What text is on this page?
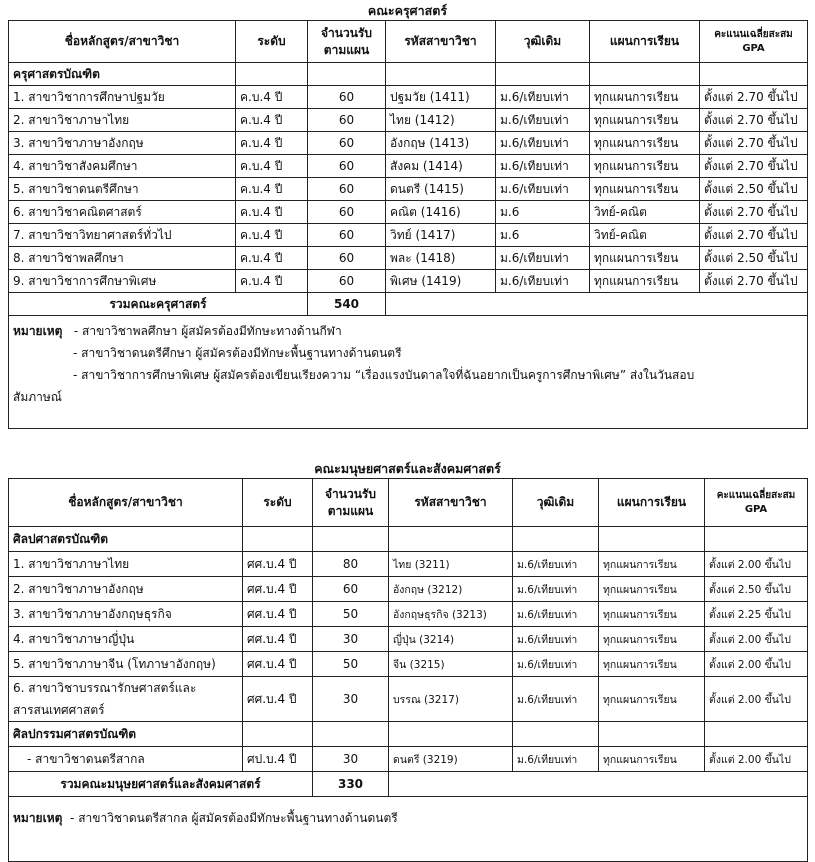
คณะครุศาสตร์
ชื่อหลักสูตร/สาขาวิชา	ระดับ	จำนวนรับตามแผน	รหัสสาขาวิชา	วุฒิเดิม	แผนการเรียน	คะแนนเฉลี่ยสะสม GPA
ครุศาสตรบัณฑิต						
1. สาขาวิชาการศึกษาปฐมวัย	ค.บ.4 ปี	60	ปฐมวัย (1411)	ม.6/เทียบเท่า	ทุกแผนการเรียน	ตั้งแต่ 2.70 ขึ้นไป
2. สาขาวิชาภาษาไทย	ค.บ.4 ปี	60	ไทย (1412)	ม.6/เทียบเท่า	ทุกแผนการเรียน	ตั้งแต่ 2.70 ขึ้นไป
3. สาขาวิชาภาษาอังกฤษ	ค.บ.4 ปี	60	อังกฤษ (1413)	ม.6/เทียบเท่า	ทุกแผนการเรียน	ตั้งแต่ 2.70 ขึ้นไป
4. สาขาวิชาสังคมศึกษา	ค.บ.4 ปี	60	สังคม (1414)	ม.6/เทียบเท่า	ทุกแผนการเรียน	ตั้งแต่ 2.70 ขึ้นไป
5. สาขาวิชาดนตรีศึกษา	ค.บ.4 ปี	60	ดนตรี (1415)	ม.6/เทียบเท่า	ทุกแผนการเรียน	ตั้งแต่ 2.50 ขึ้นไป
6. สาขาวิชาคณิตศาสตร์	ค.บ.4 ปี	60	คณิต (1416)	ม.6	วิทย์-คณิต	ตั้งแต่ 2.70 ขึ้นไป
7. สาขาวิชาวิทยาศาสตร์ทั่วไป	ค.บ.4 ปี	60	วิทย์ (1417)	ม.6	วิทย์-คณิต	ตั้งแต่ 2.70 ขึ้นไป
8. สาขาวิชาพลศึกษา	ค.บ.4 ปี	60	พละ (1418)	ม.6/เทียบเท่า	ทุกแผนการเรียน	ตั้งแต่ 2.50 ขึ้นไป
9. สาขาวิชาการศึกษาพิเศษ	ค.บ.4 ปี	60	พิเศษ (1419)	ม.6/เทียบเท่า	ทุกแผนการเรียน	ตั้งแต่ 2.70 ขึ้นไป
รวมคณะครุศาสตร์		540				

หมายเหตุ - สาขาวิชาพลศึกษา ผู้สมัครต้องมีทักษะทางด้านกีฬา
- สาขาวิชาดนตรีศึกษา ผู้สมัครต้องมีทักษะพื้นฐานทางด้านดนตรี
- สาขาวิชาการศึกษาพิเศษ ผู้สมัครต้องเขียนเรียงความ “เรื่องแรงบันดาลใจที่ฉันอยากเป็นครูการศึกษาพิเศษ” ส่งในวันสอบ
สัมภาษณ์						
คณะมนุษยศาสตร์และสังคมศาสตร์
ชื่อหลักสูตร/สาขาวิชา	ระดับ	จำนวนรับตามแผน	รหัสสาขาวิชา	วุฒิเดิม	แผนการเรียน	คะแนนเฉลี่ยสะสม GPA
ศิลปศาสตรบัณฑิต						
1. สาขาวิชาภาษาไทย	ศศ.บ.4 ปี	80	ไทย (3211)	ม.6/เทียบเท่า	ทุกแผนการเรียน	ตั้งแต่ 2.00 ขึ้นไป
2. สาขาวิชาภาษาอังกฤษ	ศศ.บ.4 ปี	60	อังกฤษ (3212)	ม.6/เทียบเท่า	ทุกแผนการเรียน	ตั้งแต่ 2.50 ขึ้นไป
3. สาขาวิชาภาษาอังกฤษธุรกิจ	ศศ.บ.4 ปี	50	อังกฤษธุรกิจ (3213)	ม.6/เทียบเท่า	ทุกแผนการเรียน	ตั้งแต่ 2.25 ขึ้นไป
4. สาขาวิชาภาษาญี่ปุ่น	ศศ.บ.4 ปี	30	ญี่ปุ่น (3214)	ม.6/เทียบเท่า	ทุกแผนการเรียน	ตั้งแต่ 2.00 ขึ้นไป
5. สาขาวิชาภาษาจีน (โทภาษาอังกฤษ)	ศศ.บ.4 ปี	50	จีน (3215)	ม.6/เทียบเท่า	ทุกแผนการเรียน	ตั้งแต่ 2.00 ขึ้นไป
6. สาขาวิชาบรรณารักษศาสตร์และสารสนเทศศาสตร์	ศศ.บ.4 ปี	30	บรรณ (3217)	ม.6/เทียบเท่า	ทุกแผนการเรียน	ตั้งแต่ 2.00 ขึ้นไป
ศิลปกรรมศาสตรบัณฑิต						
- สาขาวิชาดนตรีสากล	ศป.บ.4 ปี	30	ดนตรี (3219)	ม.6/เทียบเท่า	ทุกแผนการเรียน	ตั้งแต่ 2.00 ขึ้นไป
รวมคณะมนุษยศาสตร์และสังคมศาสตร์		330				

หมายเหตุ - สาขาวิชาดนตรีสากล ผู้สมัครต้องมีทักษะพื้นฐานทางด้านดนตรี						
